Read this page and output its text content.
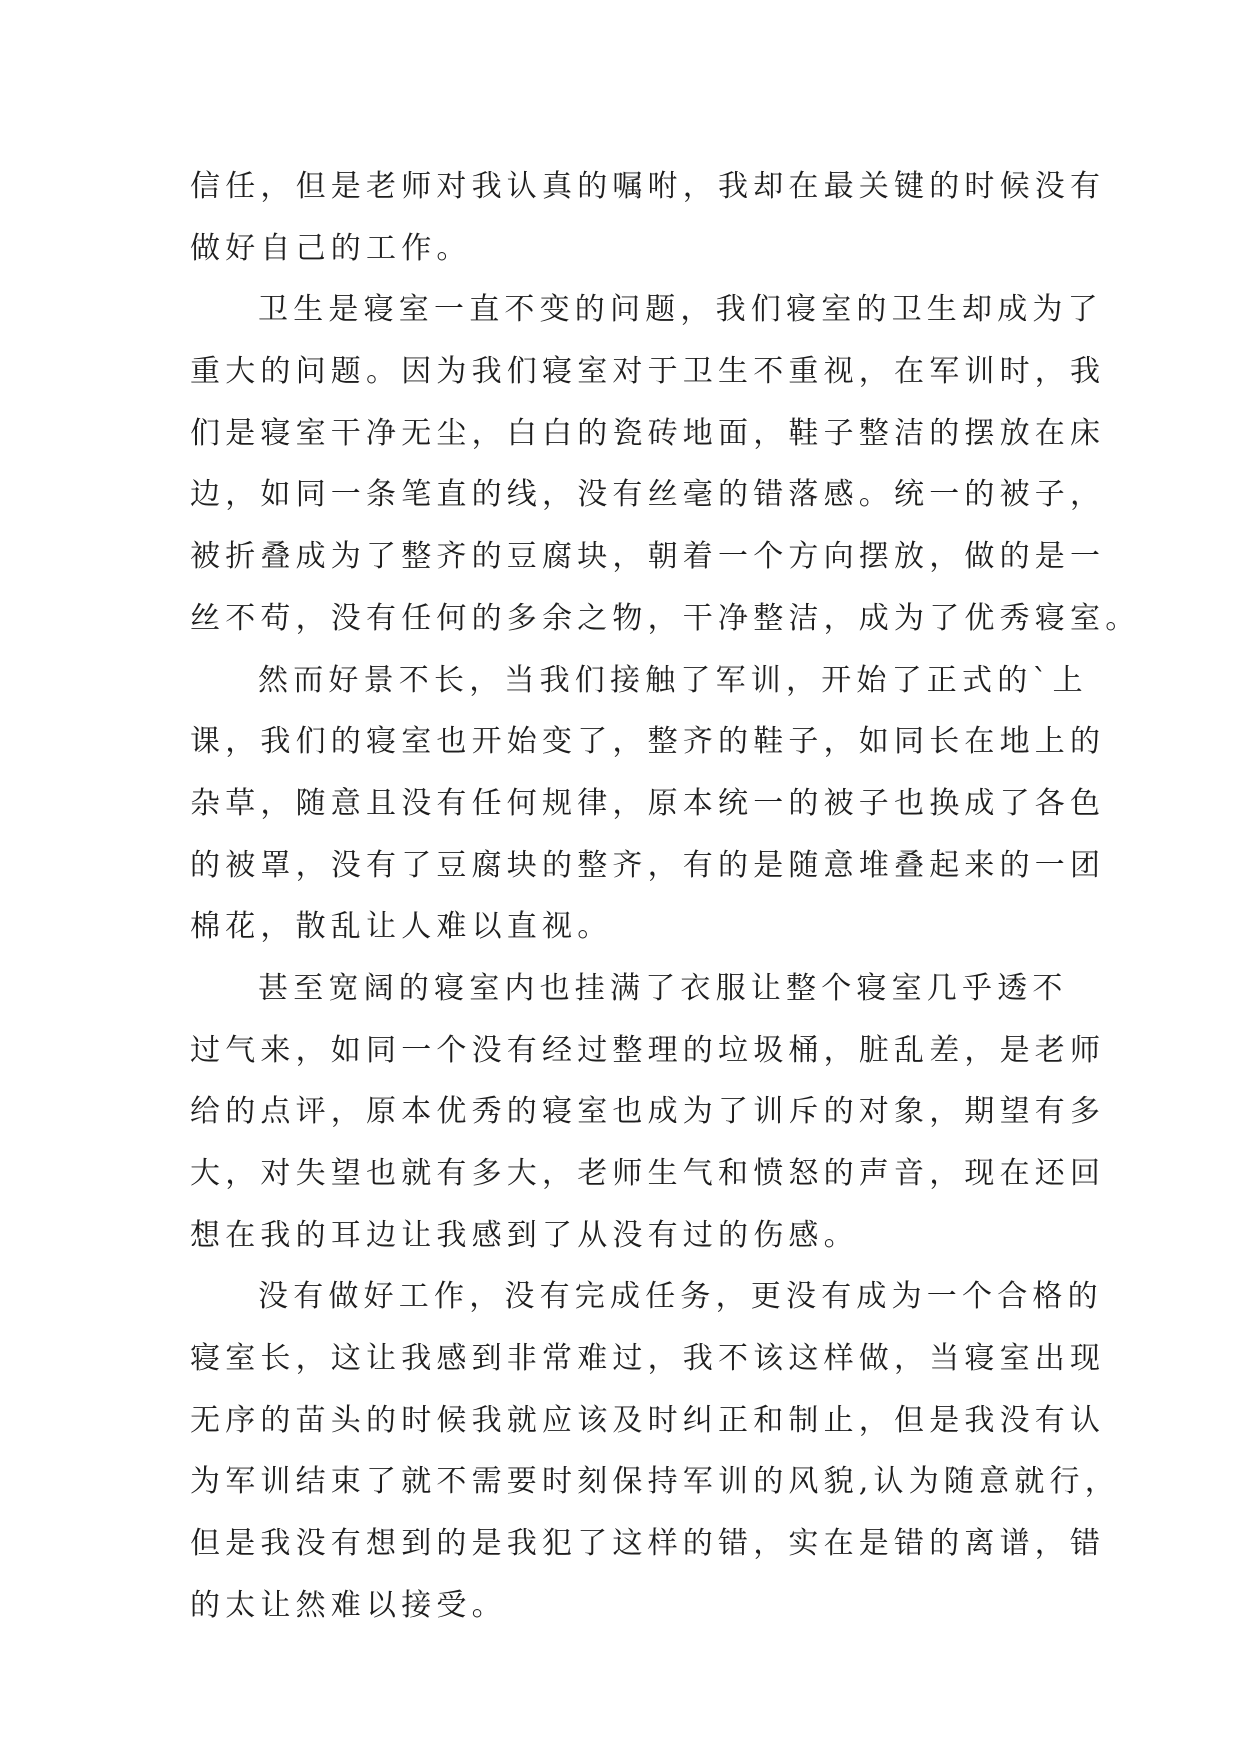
信任，但是老师对我认真的嘱咐，我却在最关键的时候没有
做好自己的工作。
卫生是寝室一直不变的问题，我们寝室的卫生却成为了
重大的问题。因为我们寝室对于卫生不重视，在军训时，我
们是寝室干净无尘，白白的瓷砖地面，鞋子整洁的摆放在床
边，如同一条笔直的线，没有丝毫的错落感。统一的被子，
被折叠成为了整齐的豆腐块，朝着一个方向摆放，做的是一
丝不苟，没有任何的多余之物，干净整洁，成为了优秀寝室。
然而好景不长，当我们接触了军训，开始了正式的`上
课，我们的寝室也开始变了，整齐的鞋子，如同长在地上的
杂草，随意且没有任何规律，原本统一的被子也换成了各色
的被罩，没有了豆腐块的整齐，有的是随意堆叠起来的一团
棉花，散乱让人难以直视。
甚至宽阔的寝室内也挂满了衣服让整个寝室几乎透不
过气来，如同一个没有经过整理的垃圾桶，脏乱差，是老师
给的点评，原本优秀的寝室也成为了训斥的对象，期望有多
大，对失望也就有多大，老师生气和愤怒的声音，现在还回
想在我的耳边让我感到了从没有过的伤感。
没有做好工作，没有完成任务，更没有成为一个合格的
寝室长，这让我感到非常难过，我不该这样做，当寝室出现
无序的苗头的时候我就应该及时纠正和制止，但是我没有认
为军训结束了就不需要时刻保持军训的风貌,认为随意就行，
但是我没有想到的是我犯了这样的错，实在是错的离谱，错
的太让然难以接受。
